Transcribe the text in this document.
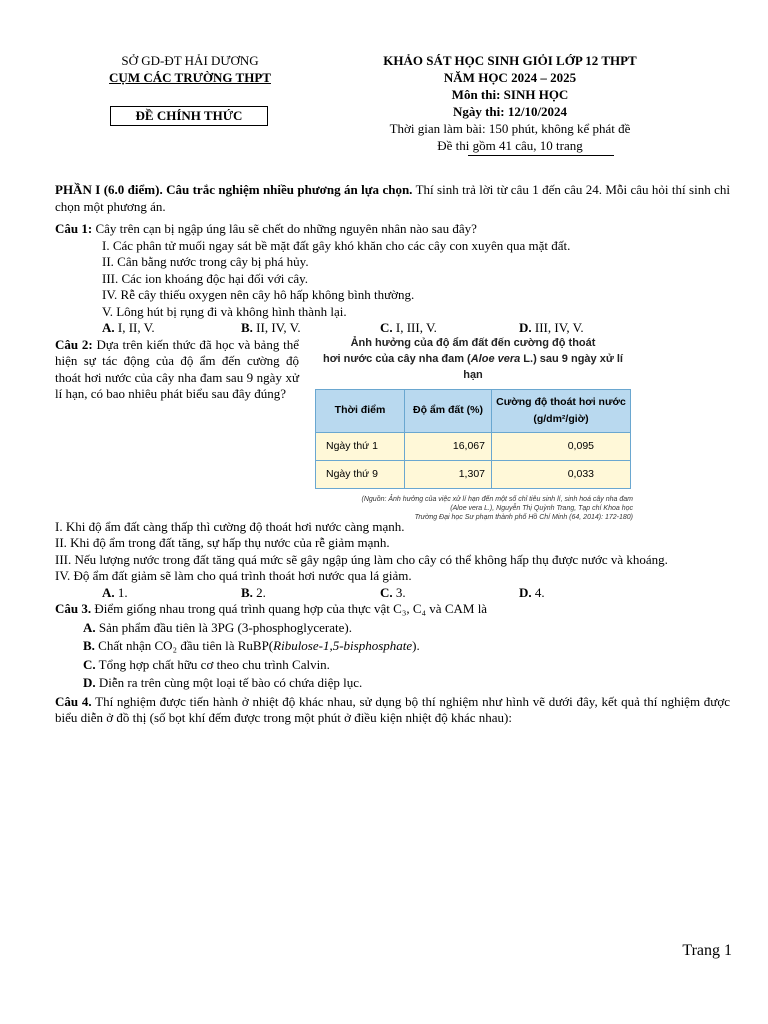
SỞ GD-ĐT HẢI DƯƠNG
CỤM CÁC TRƯỜNG THPT
ĐỀ CHÍNH THỨC
KHẢO SÁT HỌC SINH GIỎI LỚP 12 THPT
NĂM HỌC 2024 – 2025
Môn thi: SINH HỌC
Ngày thi: 12/10/2024
Thời gian làm bài: 150 phút, không kể phát đề
Đề thi gồm 41 câu, 10 trang

PHẦN I (6.0 điểm). Câu trắc nghiệm nhiều phương án lựa chọn. Thí sinh trả lời từ câu 1 đến câu 24. Mỗi câu hỏi thí sinh chỉ chọn một phương án.

Câu 1: Cây trên cạn bị ngập úng lâu sẽ chết do những nguyên nhân nào sau đây?

I. Các phân tử muối ngay sát bề mặt đất gây khó khăn cho các cây con xuyên qua mặt đất.

II. Cân bằng nước trong cây bị phá hủy.

III. Các ion khoáng độc hại đối với cây.

IV. Rễ cây thiếu oxygen nên cây hô hấp không bình thường.

V. Lông hút bị rụng đi và không hình thành lại.

A. I, II, V.	B. II, IV, V.	C. I, III, V.	D. III, IV, V.

Câu 2: Dựa trên kiến thức đã học và bảng thể hiện sự tác động của độ ẩm đến cường độ thoát hơi nước của cây nha đam sau 9 ngày xử lí hạn, có bao nhiêu phát biểu sau đây đúng?

Ảnh hưởng của độ ẩm đất đến cường độ thoát
hơi nước của cây nha đam (Aloe vera L.) sau 9 ngày xử lí hạn
Thời điểm	Độ ẩm đất (%)	Cường độ thoát hơi nước (g/dm²/giờ)
Ngày thứ 1	16,067	0,095
Ngày thứ 9	1,307	0,033
(Nguồn: Ảnh hưởng của việc xử lí hạn đến một số chỉ tiêu sinh lí, sinh hoá cây nha đam
(Aloe vera L.), Nguyễn Thị Quỳnh Trang, Tạp chí Khoa học
Trường Đại học Sư phạm thành phố Hồ Chí Minh (64, 2014): 172-180)

I. Khi độ ẩm đất càng thấp thì cường độ thoát hơi nước càng mạnh.

II. Khi độ ẩm trong đất tăng, sự hấp thụ nước của rễ giảm mạnh.

III. Nếu lượng nước trong đất tăng quá mức sẽ gây ngập úng làm cho cây có thể không hấp thụ được nước và khoáng.

IV. Độ ẩm đất giảm sẽ làm cho quá trình thoát hơi nước qua lá giảm.

A. 1.	B. 2.	C. 3.	D. 4.

Câu 3. Điểm giống nhau trong quá trình quang hợp của thực vật C₃, C₄ và CAM là

A. Sản phẩm đầu tiên là 3PG (3-phosphoglycerate).

B. Chất nhận CO₂ đầu tiên là RuBP(Ribulose-1,5-bisphosphate).

C. Tổng hợp chất hữu cơ theo chu trình Calvin.

D. Diễn ra trên cùng một loại tế bào có chứa diệp lục.

Câu 4. Thí nghiệm được tiến hành ở nhiệt độ khác nhau, sử dụng bộ thí nghiệm như hình vẽ dưới đây, kết quả thí nghiệm được biểu diễn ở đồ thị (số bọt khí đếm được trong một phút ở điều kiện nhiệt độ khác nhau):

Trang 1
